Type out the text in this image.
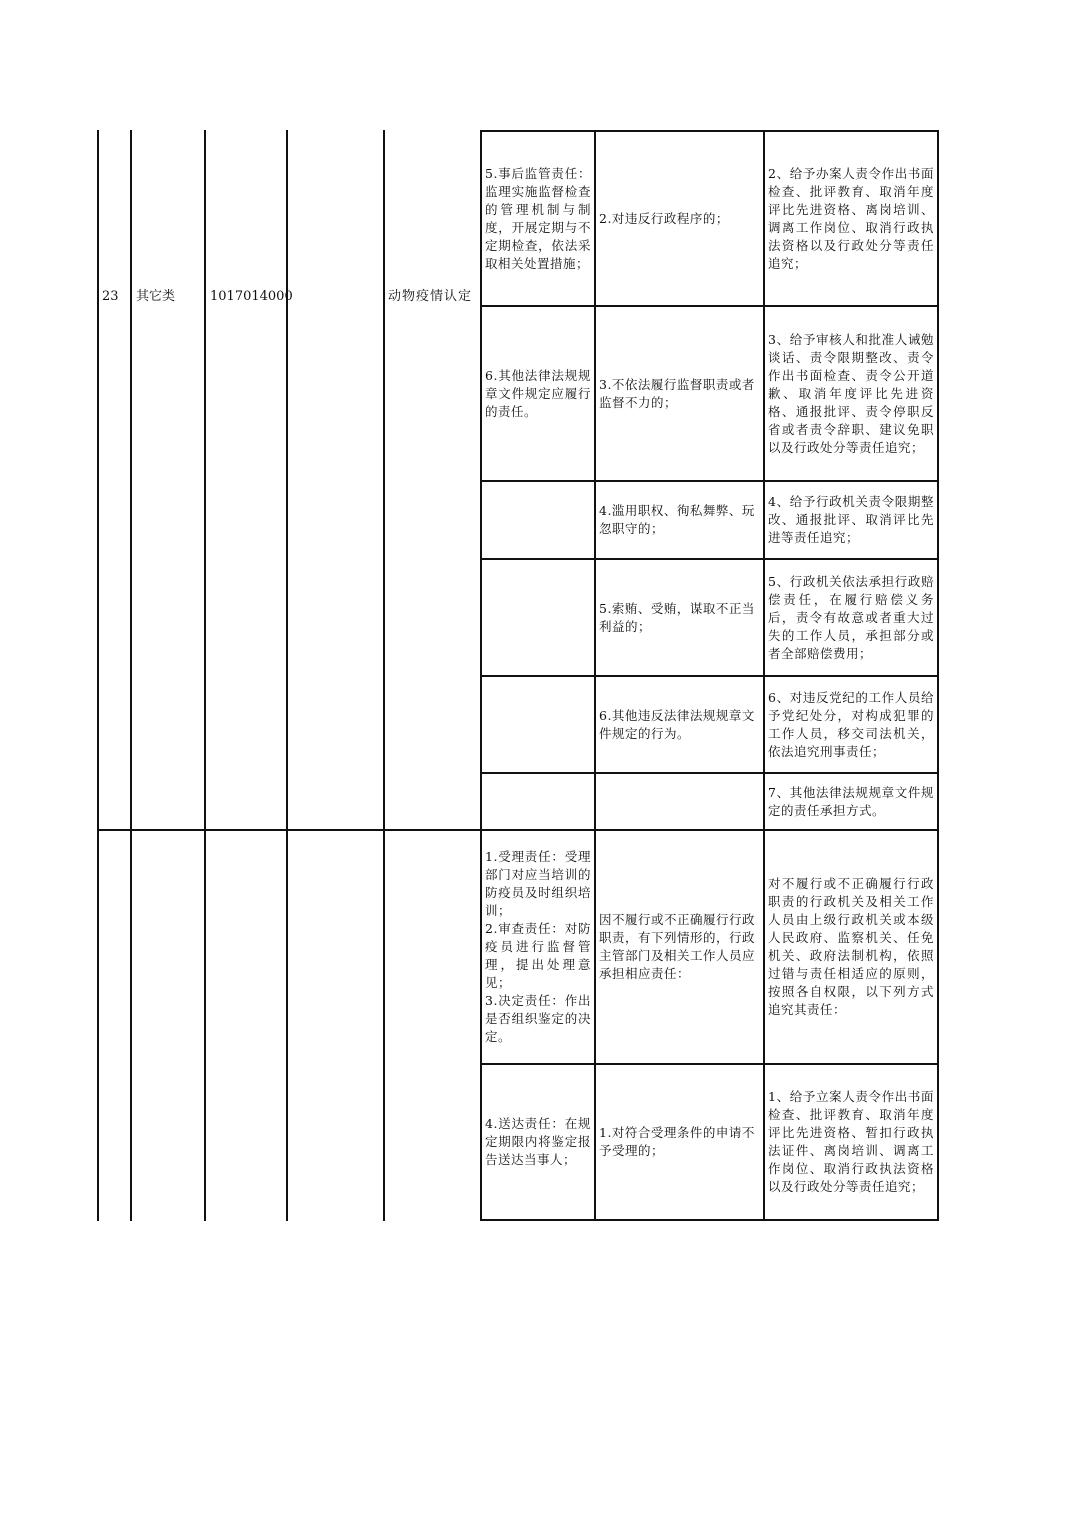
23 其它类	1017014000	动物疫情认定
5.事后监管责任：监理实施监督检查的管理机制与制度，开展定期与不定期检查，依法采取相关处置措施；
6.其他法律法规规章文件规定应履行的责任。
2.对违反行政程序的；
3.不依法履行监督职责或者监督不力的；
4.滥用职权、徇私舞弊、玩忽职守的；
5.索贿、受贿，谋取不正当利益的；
6.其他违反法律法规规章文件规定的行为。
2、给予办案人责令作出书面检查、批评教育、取消年度评比先进资格、离岗培训、调离工作岗位、取消行政执法资格以及行政处分等责任追究；
3、给予审核人和批准人诫勉谈话、责令限期整改、责令作出书面检查、责令公开道歉、取消年度评比先进资格、通报批评、责令停职反省或者责令辞职、建议免职以及行政处分等责任追究；
4、给予行政机关责令限期整改、通报批评、取消评比先进等责任追究；
5、行政机关依法承担行政赔偿责任，在履行赔偿义务后，责令有故意或者重大过失的工作人员，承担部分或者全部赔偿费用；
6、对违反党纪的工作人员给予党纪处分，对构成犯罪的工作人员，移交司法机关，依法追究刑事责任；
7、其他法律法规规章文件规定的责任承担方式。
1.受理责任：受理部门对应当培训的防疫员及时组织培训；
2.审查责任：对防疫员进行监督管理，提出处理意见；
3.决定责任：作出是否组织鉴定的决定。
4.送达责任：在规定期限内将鉴定报告送达当事人；
因不履行或不正确履行行政职责，有下列情形的，行政主管部门及相关工作人员应承担相应责任：
1.对符合受理条件的申请不予受理的；
对不履行或不正确履行行政职责的行政机关及相关工作人员由上级行政机关或本级人民政府、监察机关、任免机关、政府法制机构，依照过错与责任相适应的原则，按照各自权限，以下列方式追究其责任：
1、给予立案人责令作出书面检查、批评教育、取消年度评比先进资格、暂扣行政执法证件、离岗培训、调离工作岗位、取消行政执法资格以及行政处分等责任追究；
